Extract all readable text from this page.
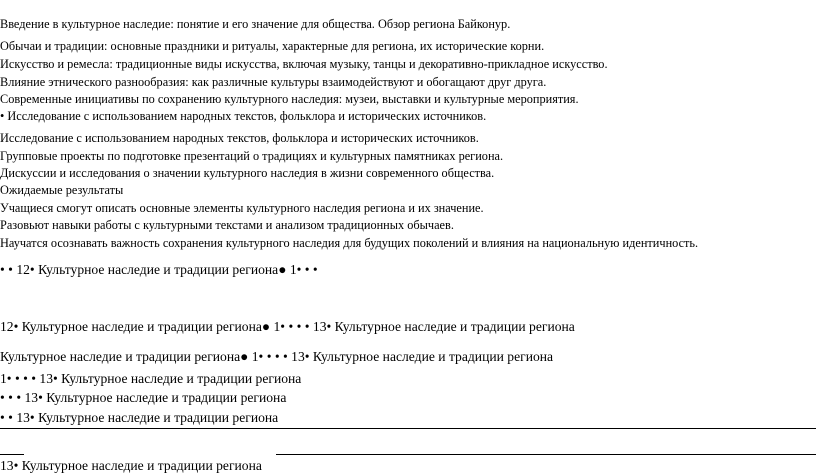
Введение в культурное наследие: понятие и его значение для общества. Обзор региона Байконур.
Обычаи и традиции: основные праздники и ритуалы, характерные для региона, их исторические корни.
Искусство и ремесла: традиционные виды искусства, включая музыку, танцы и декоративно-прикладное искусство.
Влияние этнического разнообразия: как различные культуры взаимодействуют и обогащают друг друга.
Современные инициативы по сохранению культурного наследия: музеи, выставки и культурные мероприятия.
• Исследование с использованием народных текстов, фольклора и исторических источников.
Исследование с использованием народных текстов, фольклора и исторических источников.
Групповые проекты по подготовке презентаций о традициях и культурных памятниках региона.
Дискуссии и исследования о значении культурного наследия в жизни современного общества.
Ожидаемые результаты
Учащиеся смогут описать основные элементы культурного наследия региона и их значение.
Разовьют навыки работы с культурными текстами и анализом традиционных обычаев.
Научатся осознавать важность сохранения культурного наследия для будущих поколений и влияния на национальную идентичность.
• • 12• Культурное наследие и традиции региона● 1• • •
12• Культурное наследие и традиции региона● 1• • • • 13• Культурное наследие и традиции региона
Культурное наследие и традиции региона● 1• • • • 13• Культурное наследие и традиции региона
1• • • • 13• Культурное наследие и традиции региона
• • • 13• Культурное наследие и традиции региона
• • 13• Культурное наследие и традиции региона
13• Культурное наследие и традиции региона
